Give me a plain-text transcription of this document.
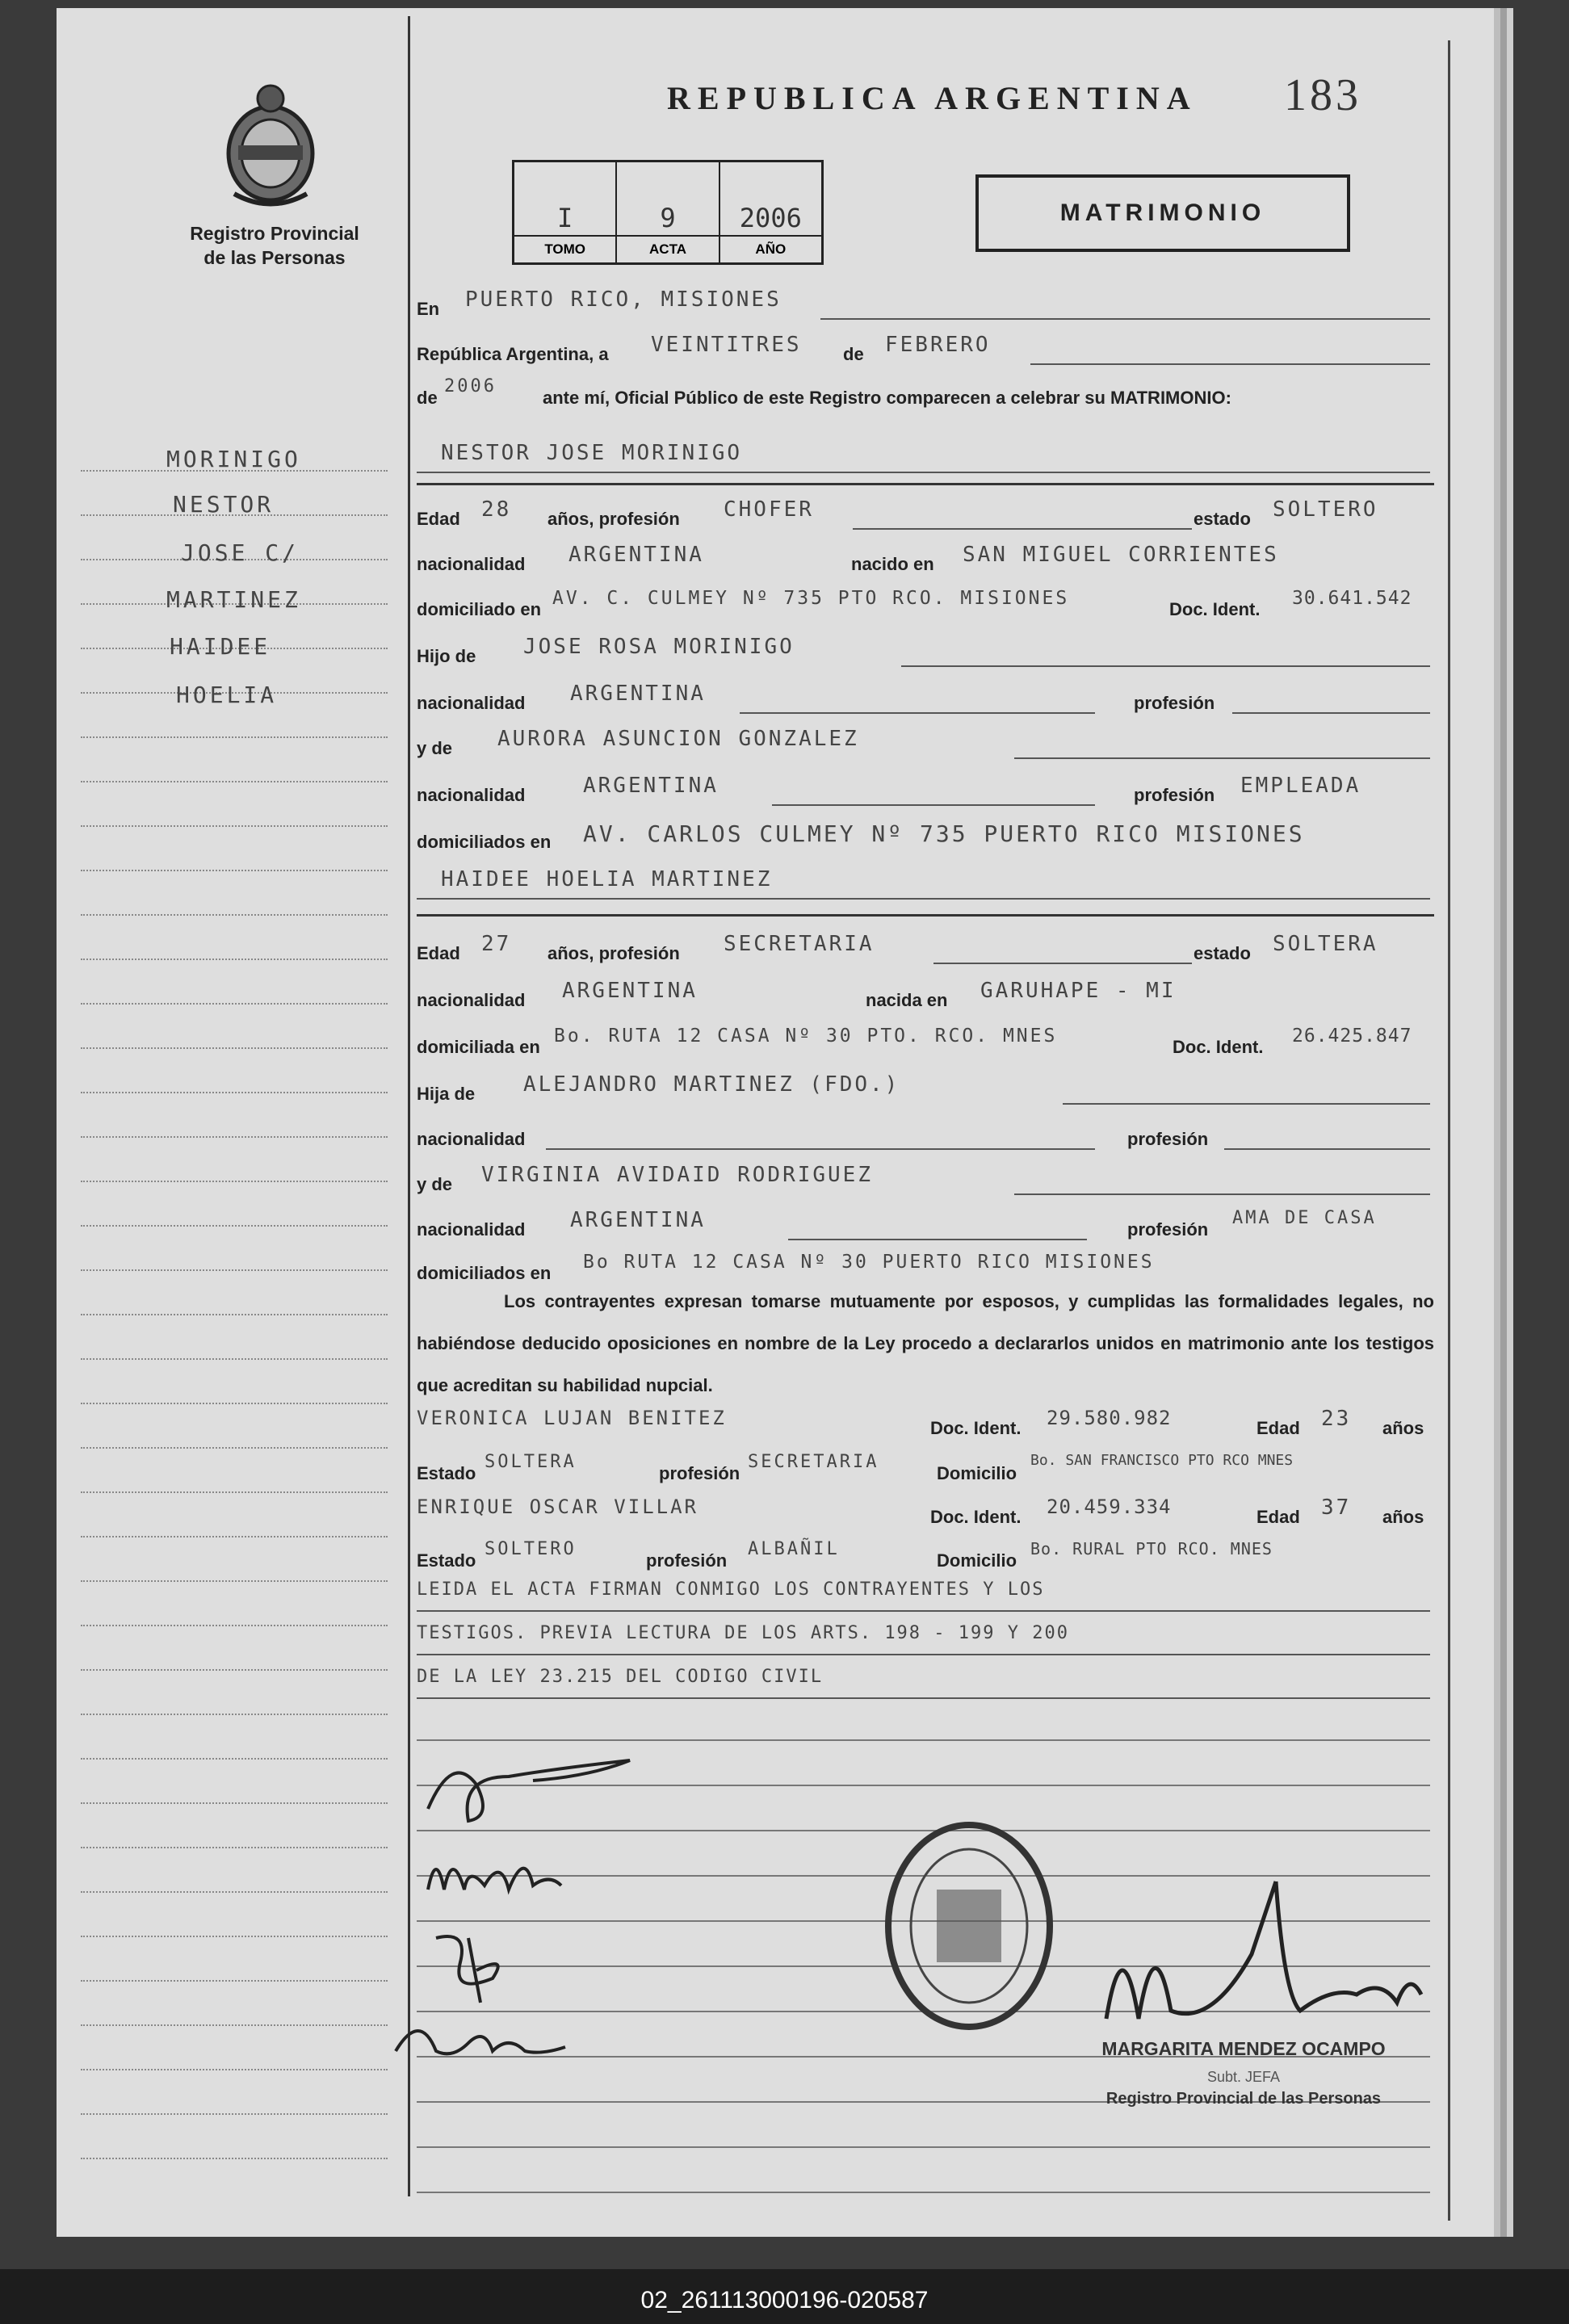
Registro Provincial
de las Personas
REPUBLICA ARGENTINA 183
I
TOMO
9
ACTA
2006
AÑO
MATRIMONIO
MORINIGO
NESTOR
JOSE C/
MARTINEZ
HAIDEE
HOELIA
En PUERTO RICO, MISIONES
República Argentina, a VEINTITRES de FEBRERO
de
2006
ante mí, Oficial Público de este Registro comparecen a celebrar su MATRIMONIO:
NESTOR JOSE MORINIGO
Edad 28 años, profesión CHOFER	estado SOLTERO
nacionalidad ARGENTINA	nacido en SAN MIGUEL CORRIENTES
domiciliado en
AV. C. CULMEY Nº 735 PTO RCO. MISIONES
Doc. Ident.
30.641.542
Hijo de JOSE ROSA MORINIGO
nacionalidad ARGENTINA	profesión
y de AURORA ASUNCION GONZALEZ
nacionalidad	ARGENTINA	profesión EMPLEADA
domiciliados en AV. CARLOS CULMEY Nº 735 PUERTO RICO MISIONES
HAIDEE HOELIA MARTINEZ
Edad 27 años, profesión SECRETARIA	estado SOLTERA
nacionalidad ARGENTINA	nacida en GARUHAPE - MI
domiciliada en
Bo. RUTA 12 CASA Nº 30 PTO. RCO. MNES
Doc. Ident.
26.425.847
Hija de ALEJANDRO MARTINEZ (FDO.)
nacionalidad	profesión
y de VIRGINIA AVIDAID RODRIGUEZ
nacionalidad ARGENTINA	profesión
AMA DE CASA
domiciliados en
Bo RUTA 12 CASA Nº 30 PUERTO RICO MISIONES
Los contrayentes expresan tomarse mutuamente por esposos, y cumplidas las formalidades legales, no habiéndose deducido oposiciones en nombre de la Ley procedo a declararlos unidos en matrimonio ante los testigos que acreditan su habilidad nupcial.
VERONICA LUJAN BENITEZ	Doc. Ident. 29.580.982	Edad 23 años
Estado
SOLTERA
profesión
SECRETARIA
Domicilio
Bo. SAN FRANCISCO PTO RCO MNES
ENRIQUE OSCAR VILLAR	Doc. Ident. 20.459.334	Edad 37 años
Estado
SOLTERO
profesión
ALBAÑIL
Domicilio
Bo. RURAL PTO RCO. MNES
LEIDA EL ACTA FIRMAN CONMIGO LOS CONTRAYENTES Y LOS
TESTIGOS. PREVIA LECTURA DE LOS ARTS. 198 - 199 Y 200
DE LA LEY 23.215 DEL CODIGO CIVIL
MARGARITA MENDEZ OCAMPO
Subt. JEFA
Registro Provincial de las Personas
02_261113000196-020587
